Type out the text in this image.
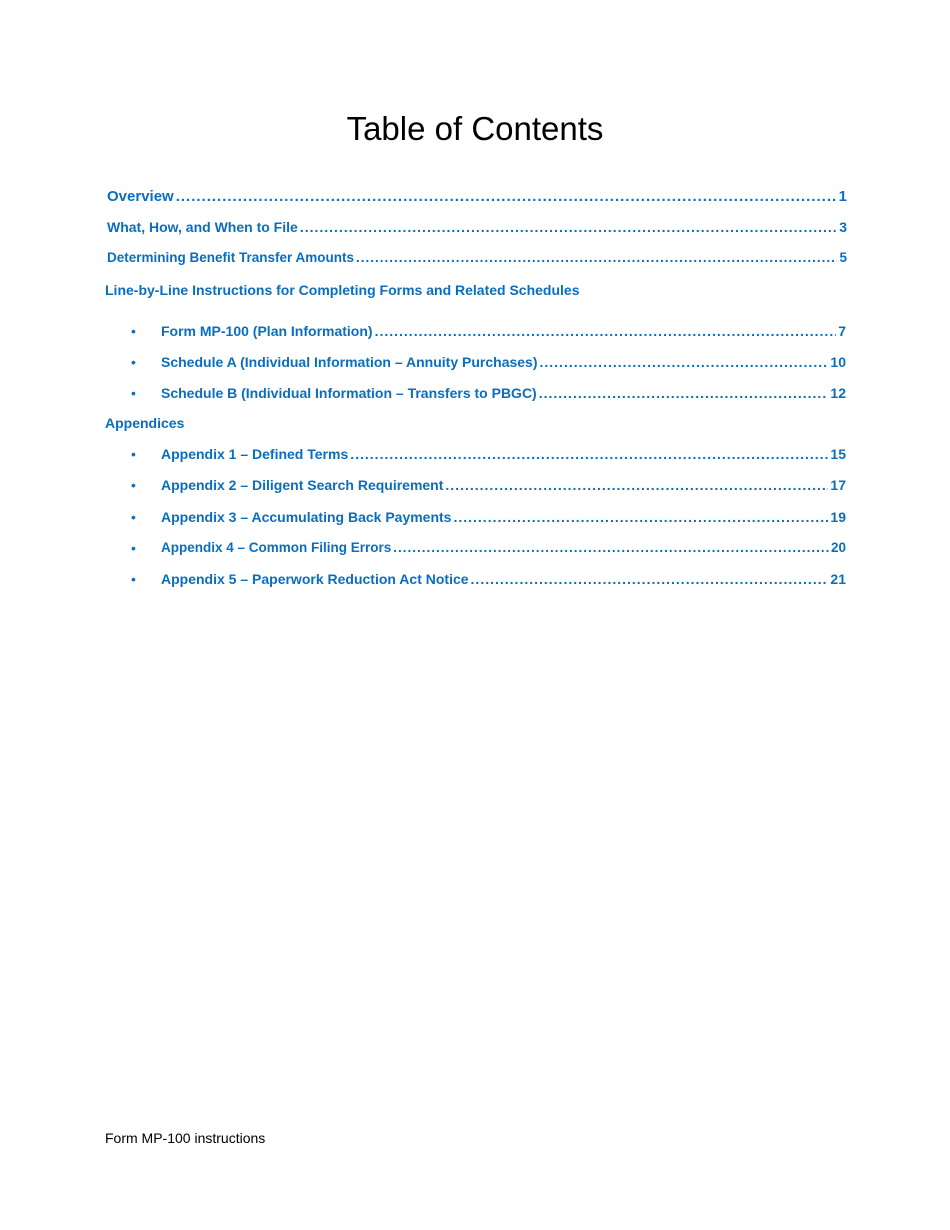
Table of Contents
Overview .....	1
What, How, and When to File .....	3
Determining Benefit Transfer Amounts .....	5
Line-by-Line Instructions for Completing Forms and Related Schedules
• Form MP-100 (Plan Information) .....	7
• Schedule A (Individual Information – Annuity Purchases) .....	10
• Schedule B (Individual Information – Transfers to PBGC) .....	12
Appendices
• Appendix 1 – Defined Terms .....	15
• Appendix 2 – Diligent Search Requirement .....	17
• Appendix 3 – Accumulating Back Payments .....	19
• Appendix 4 – Common Filing Errors .....	20
• Appendix 5 – Paperwork Reduction Act Notice .....	21
Form MP-100 instructions
